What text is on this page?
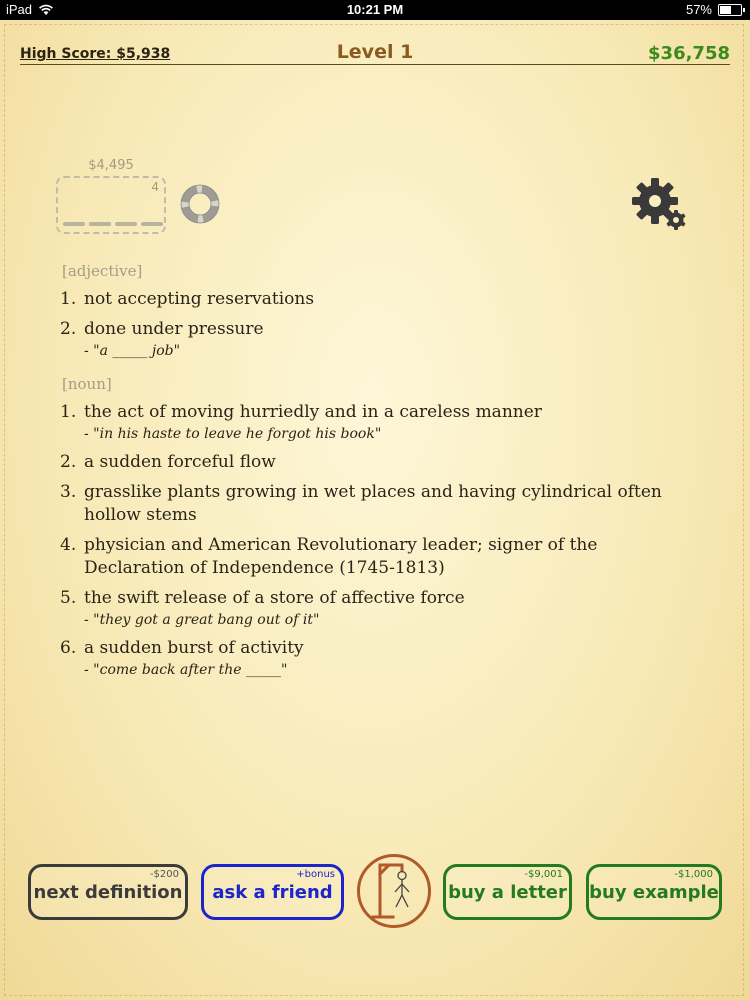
iPad	10:21 PM	57%
High Score: $5,938	Level 1	$36,758
$4,495
4
[adjective]
1. not accepting reservations
2. done under pressure
- "a _____ job"
[noun]
1. the act of moving hurriedly and in a careless manner
- "in his haste to leave he forgot his book"
2. a sudden forceful flow
3. grasslike plants growing in wet places and having cylindrical often hollow stems
4. physician and American Revolutionary leader; signer of the Declaration of Independence (1745-1813)
5. the swift release of a store of affective force
- "they got a great bang out of it"
6. a sudden burst of activity
- "come back after the _____"
-$200
next definition
+bonus
ask a friend
-$9,001
buy a letter
-$1,000
buy example
